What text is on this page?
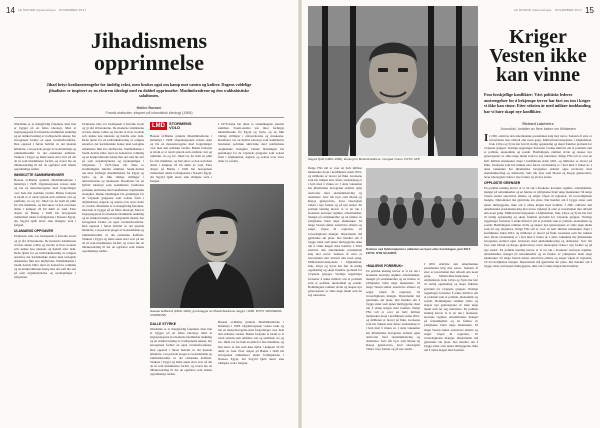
14 LE MONDE diplomatique · NOVEMBER 2017
Jihadismens
opprinnelse
Jihad betyr kraftanstrengelse for åndelig vekst, men brukes også om kamp mot vantro og kafirer. Dagens voldelige jihadister er inspirert av en ekstrem ideologi med en dobbel opprinnelse: Muslimbrødrene og den wahhabistiske salafismen.
Hakim Barzani
Fransk statsviter, ekspert på islamistisk ideologi (1965)
Jihadisme er et mangfoldig fenomen, men han er bygget på en felles ideologi. Med et begrepsapparat fra moderne islamistisk tenkning og en radikal lesning av tradisjonelle tekster, har bevegelsen formet en egen verdensforståelse. Den oppstod i første halvdel av det tjuende århundre, i en periode preget av kolonialisme og sammenbruddet av det osmanske kalifatet. Tenkere i Egypt og India søkte etter svar på det de så som muslimenes forfall, og svaret ble en tilbakevending til det de oppfattet som islams opprinnelige renhet.
INNSKUTTE SAMMENHENGER
Hassan al-Banna grunnla Muslimbrødrene i Ismailiya i 1928. Organisasjonen vokste raskt og ble en massebevegelse med forgreninger over hele den arabiske verden. Banna forkynte at islam er et totalt system som omfatter stat og samfunn, tro og lov. Jihad var for ham en plikt for alle muslimer, og han skrev at den som ikke deltar i kampen vil bli dømt av Gud. Etter drapet på Banna i 1949 ble bevegelsen radikalisert under forfølgelsene i Nassers Egypt, der Sayyid Qutb skrev sine viktigste verk i fengsel.
ULAMAENS OPPGAVER
Ulamaens rolle var tradisjonelt å fortolke loven og gi råd til herskerne. De moderne islamistene avviste denne rollen og hevdet at hver troende selv kunne lese tekstene og handle etter dem. Dette åpnet for en individualisering av religiøs autoritet, der karismatiske ledere uten teologisk utdannelse fikk stor innflytelse. Wahhabismen i Saudi-Arabia bidro med en bokstavtro tolkning og en kompromissløs kamp mot det som ble sett på som avgudsdyrkelse og nyskapninger i religionen.
Ulamaens rolle var tradisjonelt å fortolke loven og gi råd til herskerne. De moderne islamistene avviste denne rollen og hevdet at hver troende selv kunne lese tekstene og handle etter dem. Dette åpnet for en individualisering av religiøs autoritet, der karismatiske ledere uten teologisk utdannelse fikk stor innflytelse. Wahhabismen i Saudi-Arabia bidro med en bokstavtro tolkning og en kompromissløs kamp mot det som ble sett på som avgudsdyrkelse og nyskapninger i religionen. I 1970-årene ble disse to strømningene smeltet sammen. Saudi-Arabia tok imot forfulgte muslimbrødre fra Egypt og Syria, og de fikk viktige stillinger i universitetene og moskeene. Resultatet var en hybrid ideologi som kombinerte brødrenes politiske aktivisme med salafismens dogmatiske strenghet. Denne blandingen ble grunnlaget for de væpnede gruppene som vokste frem i Afghanistan, Algerie og senere over store deler av verden. Jihadisme er et mangfoldig fenomen, men han er bygget på en felles ideologi. Med et begrepsapparat fra moderne islamistisk tenkning og en radikal lesning av tradisjonelle tekster, har bevegelsen formet en egen verdensforståelse. Den oppstod i første halvdel av det tjuende århundre, i en periode preget av kolonialisme og sammenbruddet av det osmanske kalifatet. Tenkere i Egypt og India søkte etter svar på det de så som muslimenes forfall, og svaret ble en tilbakevending til det de oppfattet som islams opprinnelige renhet.
LMD	STORMENS
VOLD
Hassan al-Banna grunnla Muslimbrødrene i Ismailiya i 1928. Organisasjonen vokste raskt og ble en massebevegelse med forgreninger over hele den arabiske verden. Banna forkynte at islam er et totalt system som omfatter stat og samfunn, tro og lov. Jihad var for ham en plikt for alle muslimer, og han skrev at den som ikke deltar i kampen vil bli dømt av Gud. Etter drapet på Banna i 1949 ble bevegelsen radikalisert under forfølgelsene i Nassers Egypt, der Sayyid Qutb skrev sine viktigste verk i fengsel.
I 1970-årene ble disse to strømningene smeltet sammen. Saudi-Arabia tok imot forfulgte muslimbrødre fra Egypt og Syria, og de fikk viktige stillinger i universitetene og moskeene. Resultatet var en hybrid ideologi som kombinerte brødrenes politiske aktivisme med salafismens dogmatiske strenghet. Denne blandingen ble grunnlaget for de væpnede gruppene som vokste frem i Afghanistan, Algerie og senere over store deler av verden.
Hassan al-Banna (1906–1949), grunnlegger av Muslimbrødrene i Egypt i 1928. FOTO: WIKIMEDIA COMMONS
DALLE STYRKE
Jihadisme er et mangfoldig fenomen, men han er bygget på en felles ideologi. Med et begrepsapparat fra moderne islamistisk tenkning og en radikal lesning av tradisjonelle tekster, har bevegelsen formet en egen verdensforståelse. Den oppstod i første halvdel av det tjuende århundre, i en periode preget av kolonialisme og sammenbruddet av det osmanske kalifatet. Tenkere i Egypt og India søkte etter svar på det de så som muslimenes forfall, og svaret ble en tilbakevending til det de oppfattet som islams opprinnelige renhet.
Hassan al-Banna grunnla Muslimbrødrene i Ismailiya i 1928. Organisasjonen vokste raskt og ble en massebevegelse med forgreninger over hele den arabiske verden. Banna forkynte at islam er et totalt system som omfatter stat og samfunn, tro og lov. Jihad var for ham en plikt for alle muslimer, og han skrev at den som ikke deltar i kampen vil bli dømt av Gud. Etter drapet på Banna i 1949 ble bevegelsen radikalisert under forfølgelsene i Nassers Egypt, der Sayyid Qutb skrev sine viktigste verk i fengsel.
15
LE MONDE diplomatique · NOVEMBER 2017
Sayyid Qutb (1906–1966), ideolog for Muslimbrødrene, i fengsel i Kairo. FOTO: AFP
Kriger
Vesten ikke
kan vinne
Fem forskjellige konflikter: Vårt politiske lederes anstrengelser for å bekjempe terror har ført oss inn i kriger vi ikke kan vinne. Etter seksten år med militær innblanding har vi bare skapt nye konflikter.
Richard Labévière
Journalist, forfatter av flere bøker om Midtøsten
I I 2001 erklærte den amerikanske presidenten krig mot terror. Seksten år etter er terrorismen mer utbredt enn noen gang. Militærintervensjonene i Afghanistan, Irak, Libya og Syria har ført til statlig oppløsning og skapt fruktbar grobunn for væpnede grupper. Vestlige regjeringer fortsetter å tenke militært om et problem som er politisk, økonomisk og sosialt. Bombingene rammer sivile og skaper nye generasjoner av sinte unge menn som lar seg rekruttere. Ifølge FNs tall er over en halv million mennesker drept i konfliktene siden 2001, og millioner er drevet på flukt. Grensene som ble trukket etter første verdenskrig er i ferd med å viskes ut. I dette vakuumet har jihadistiske bevegelser etablert egne territorier med skatteinnkreving og domstoler. Selv når byer som Mosul og Raqqa gjenerobres, lever ideologien videre i nye former og på nye steder.
OPPLØSTE GRENSER
En politisk løsning krever at vi tar tak i årsakene: korrupte regimer, arbeidsløshet, mangel på rettssikkerhet og en følelse av ydmykelse blant unge mennesker. Så lenge Vesten støtter autoritære allierte og selger våpen til regionen, vil troverdigheten mangle. Diplomatiet må gjenvinne sin plass. Det handler om å bygge stater som tjener innbyggerne, ikke om å vinne krigen med bomber. I 2001 erklærte den amerikanske presidenten krig mot terror. Seksten år etter er terrorismen mer utbredt enn noen gang. Militærintervensjonene i Afghanistan, Irak, Libya og Syria har ført til statlig oppløsning og skapt fruktbar grobunn for væpnede grupper. Vestlige regjeringer fortsetter å tenke militært om et problem som er politisk, økonomisk og sosialt. Bombingene rammer sivile og skaper nye generasjoner av sinte unge menn som lar seg rekruttere. Ifølge FNs tall er over en halv million mennesker drept i konfliktene siden 2001, og millioner er drevet på flukt. Grensene som ble trukket etter første verdenskrig er i ferd med å viskes ut. I dette vakuumet har jihadistiske bevegelser etablert egne territorier med skatteinnkreving og domstoler. Selv når byer som Mosul og Raqqa gjenerobres, lever ideologien videre i nye former og på nye steder. En politisk løsning krever at vi tar tak i årsakene: korrupte regimer, arbeidsløshet, mangel på rettssikkerhet og en følelse av ydmykelse blant unge mennesker. Så lenge Vesten støtter autoritære allierte og selger våpen til regionen, vil troverdigheten mangle. Diplomatiet må gjenvinne sin plass. Det handler om å bygge stater som tjener innbyggerne, ikke om å vinne krigen med bomber.
Ifølge FNs tall er over en halv million mennesker drept i konfliktene siden 2001, og millioner er drevet på flukt. Grensene som ble trukket etter første verdenskrig er i ferd med å viskes ut. I dette vakuumet har jihadistiske bevegelser etablert egne territorier med skatteinnkreving og domstoler. Selv når byer som Mosul og Raqqa gjenerobres, lever ideologien videre i nye former og på nye steder. En politisk løsning krever at vi tar tak i årsakene: korrupte regimer, arbeidsløshet, mangel på rettssikkerhet og en følelse av ydmykelse blant unge mennesker. Så lenge Vesten støtter autoritære allierte og selger våpen til regionen, vil troverdigheten mangle. Diplomatiet må gjenvinne sin plass. Det handler om å bygge stater som tjener innbyggerne, ikke om å vinne krigen med bomber. I 2001 erklærte den amerikanske presidenten krig mot terror. Seksten år etter er terrorismen mer utbredt enn noen gang. Militærintervensjonene i Afghanistan, Irak, Libya og Syria har ført til statlig oppløsning og skapt fruktbar grobunn for væpnede grupper. Vestlige regjeringer fortsetter å tenke militært om et problem som er politisk, økonomisk og sosialt. Bombingene rammer sivile og skaper nye generasjoner av sinte unge menn som lar seg rekruttere.
Kvinner ved flyktningleiren i utkanten av byen etter bombingen, juni 2017. FOTO: NTB SCANPIX
«MALIENS FORBRUK»
En politisk løsning krever at vi tar tak i årsakene: korrupte regimer, arbeidsløshet, mangel på rettssikkerhet og en følelse av ydmykelse blant unge mennesker. Så lenge Vesten støtter autoritære allierte og selger våpen til regionen, vil troverdigheten mangle. Diplomatiet må gjenvinne sin plass. Det handler om å bygge stater som tjener innbyggerne, ikke om å vinne krigen med bomber. Ifølge FNs tall er over en halv million mennesker drept i konfliktene siden 2001, og millioner er drevet på flukt. Grensene som ble trukket etter første verdenskrig er i ferd med å viskes ut. I dette vakuumet har jihadistiske bevegelser etablert egne territorier med skatteinnkreving og domstoler. Selv når byer som Mosul og Raqqa gjenerobres, lever ideologien videre i nye former og på nye steder.
I 2001 erklærte den amerikanske presidenten krig mot terror. Seksten år etter er terrorismen mer utbredt enn noen gang. Militærintervensjonene i Afghanistan, Irak, Libya og Syria har ført til statlig oppløsning og skapt fruktbar grobunn for væpnede grupper. Vestlige regjeringer fortsetter å tenke militært om et problem som er politisk, økonomisk og sosialt. Bombingene rammer sivile og skaper nye generasjoner av sinte unge menn som lar seg rekruttere. En politisk løsning krever at vi tar tak i årsakene: korrupte regimer, arbeidsløshet, mangel på rettssikkerhet og en følelse av ydmykelse blant unge mennesker. Så lenge Vesten støtter autoritære allierte og selger våpen til regionen, vil troverdigheten mangle. Diplomatiet må gjenvinne sin plass. Det handler om å bygge stater som tjener innbyggerne, ikke om å vinne krigen med bomber.
